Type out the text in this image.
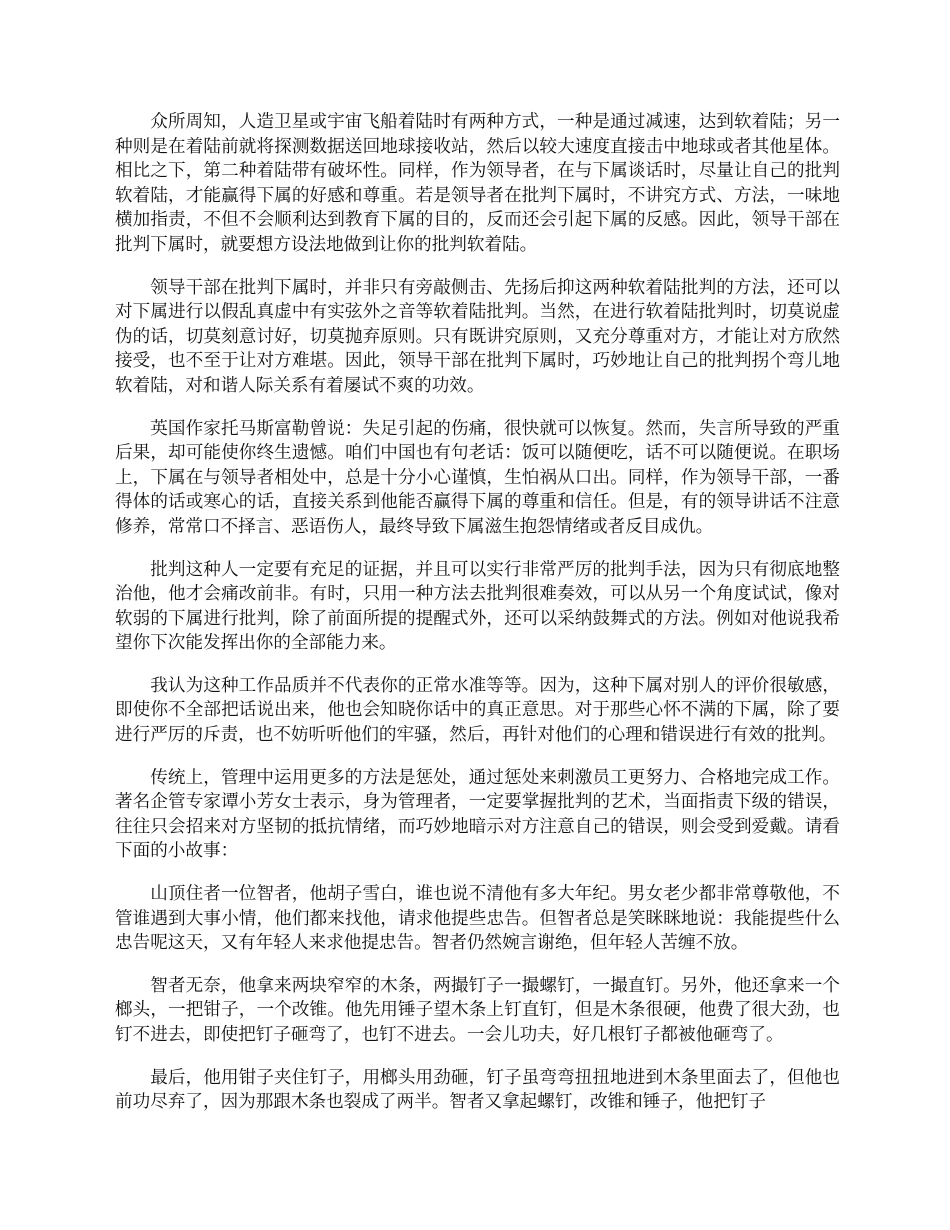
众所周知，人造卫星或宇宙飞船着陆时有两种方式，一种是通过减速，达到软着陆；另一种则是在着陆前就将探测数据送回地球接收站，然后以较大速度直接击中地球或者其他星体。相比之下，第二种着陆带有破坏性。同样，作为领导者，在与下属谈话时，尽量让自己的批判软着陆，才能赢得下属的好感和尊重。若是领导者在批判下属时，不讲究方式、方法，一味地横加指责，不但不会顺利达到教育下属的目的，反而还会引起下属的反感。因此，领导干部在批判下属时，就要想方设法地做到让你的批判软着陆。

领导干部在批判下属时，并非只有旁敲侧击、先扬后抑这两种软着陆批判的方法，还可以对下属进行以假乱真虚中有实弦外之音等软着陆批判。当然，在进行软着陆批判时，切莫说虚伪的话，切莫刻意讨好，切莫抛弃原则。只有既讲究原则，又充分尊重对方，才能让对方欣然接受，也不至于让对方难堪。因此，领导干部在批判下属时，巧妙地让自己的批判拐个弯儿地软着陆，对和谐人际关系有着屡试不爽的功效。

英国作家托马斯富勒曾说：失足引起的伤痛，很快就可以恢复。然而，失言所导致的严重后果，却可能使你终生遗憾。咱们中国也有句老话：饭可以随便吃，话不可以随便说。在职场上，下属在与领导者相处中，总是十分小心谨慎，生怕祸从口出。同样，作为领导干部，一番得体的话或寒心的话，直接关系到他能否赢得下属的尊重和信任。但是，有的领导讲话不注意修养，常常口不择言、恶语伤人，最终导致下属滋生抱怨情绪或者反目成仇。

批判这种人一定要有充足的证据，并且可以实行非常严厉的批判手法，因为只有彻底地整治他，他才会痛改前非。有时，只用一种方法去批判很难奏效，可以从另一个角度试试，像对软弱的下属进行批判，除了前面所提的提醒式外，还可以采纳鼓舞式的方法。例如对他说我希望你下次能发挥出你的全部能力来。

我认为这种工作品质并不代表你的正常水准等等。因为，这种下属对别人的评价很敏感，即使你不全部把话说出来，他也会知晓你话中的真正意思。对于那些心怀不满的下属，除了要进行严厉的斥责，也不妨听听他们的牢骚，然后，再针对他们的心理和错误进行有效的批判。

传统上，管理中运用更多的方法是惩处，通过惩处来刺激员工更努力、合格地完成工作。著名企管专家谭小芳女士表示，身为管理者，一定要掌握批判的艺术，当面指责下级的错误，往往只会招来对方坚韧的抵抗情绪，而巧妙地暗示对方注意自己的错误，则会受到爱戴。请看下面的小故事：

山顶住者一位智者，他胡子雪白，谁也说不清他有多大年纪。男女老少都非常尊敬他，不管谁遇到大事小情，他们都来找他，请求他提些忠告。但智者总是笑眯眯地说：我能提些什么忠告呢这天，又有年轻人来求他提忠告。智者仍然婉言谢绝，但年轻人苦缠不放。

智者无奈，他拿来两块窄窄的木条，两撮钉子一撮螺钉，一撮直钉。另外，他还拿来一个榔头，一把钳子，一个改锥。他先用锤子望木条上钉直钉，但是木条很硬，他费了很大劲，也钉不进去，即使把钉子砸弯了，也钉不进去。一会儿功夫，好几根钉子都被他砸弯了。

最后，他用钳子夹住钉子，用榔头用劲砸，钉子虽弯弯扭扭地进到木条里面去了，但他也前功尽弃了，因为那跟木条也裂成了两半。智者又拿起螺钉，改锥和锤子，他把钉子
